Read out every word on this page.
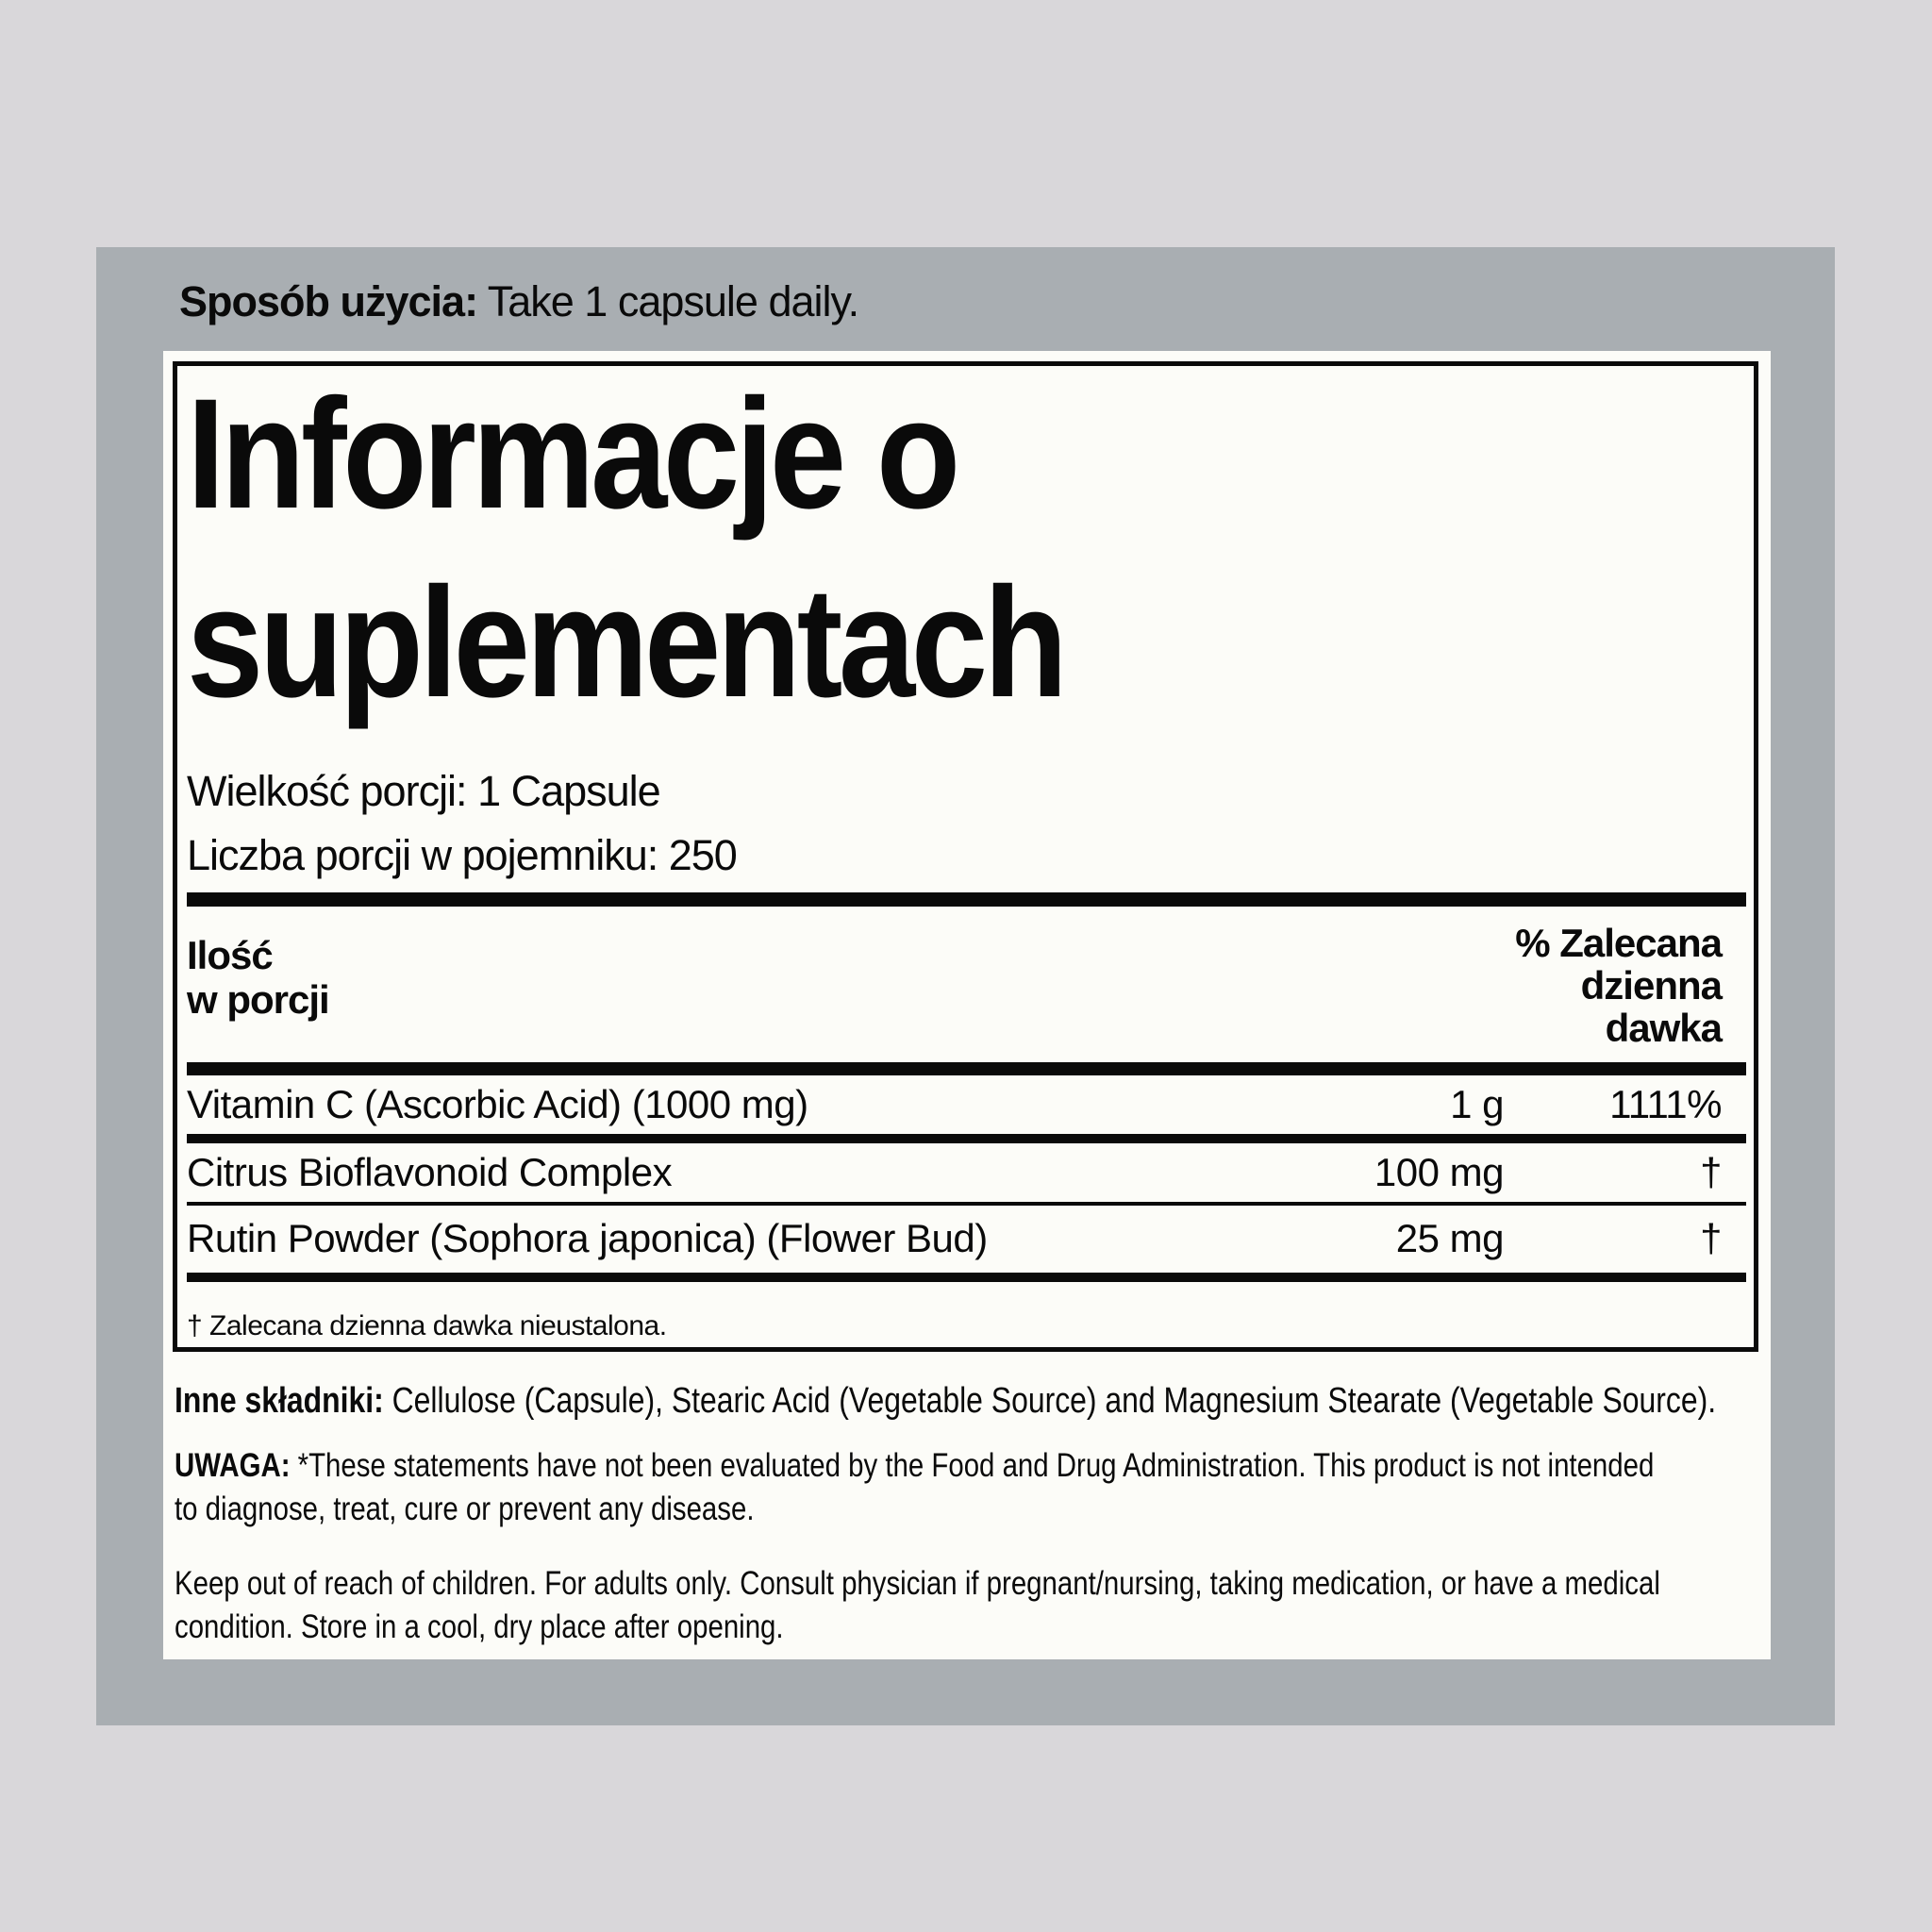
Sposób użycia: Take 1 capsule daily.

Informacje o
suplementach

Wielkość porcji: 1 Capsule

Liczba porcji w pojemniku: 250

Ilość
w porcji
% Zalecana
dzienna
dawka
Vitamin C (Ascorbic Acid) (1000 mg)	1 g	1111%
Citrus Bioflavonoid Complex	100 mg	†
Rutin Powder (Sophora japonica) (Flower Bud)	25 mg	†

† Zalecana dzienna dawka nieustalona.

Inne składniki: Cellulose (Capsule), Stearic Acid (Vegetable Source) and Magnesium Stearate (Vegetable Source).

UWAGA: *These statements have not been evaluated by the Food and Drug Administration. This product is not intended
to diagnose, treat, cure or prevent any disease.

Keep out of reach of children. For adults only. Consult physician if pregnant/nursing, taking medication, or have a medical
condition. Store in a cool, dry place after opening.
